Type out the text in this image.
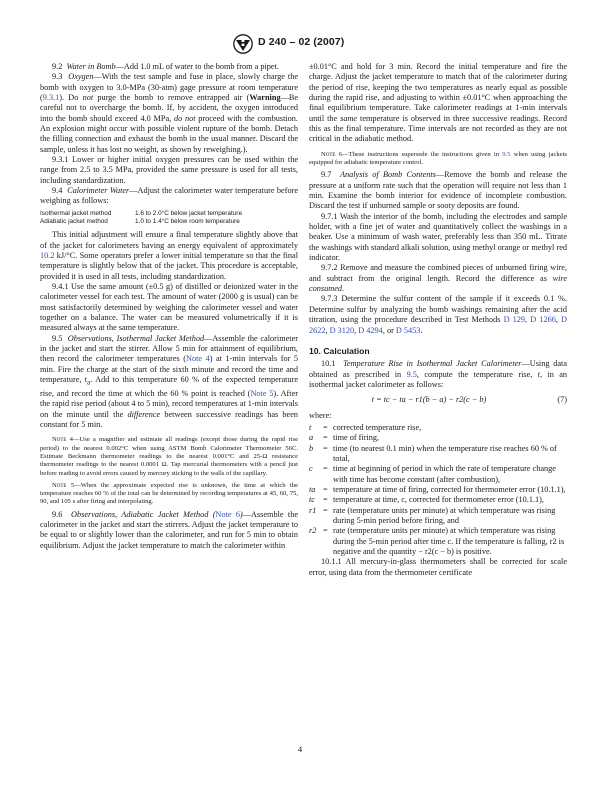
D 240 – 02 (2007)

9.2 Water in Bomb—Add 1.0 mL of water to the bomb from a pipet.

9.3 Oxygen—With the test sample and fuse in place, slowly charge the bomb with oxygen to 3.0-MPa (30-atm) gage pressure at room temperature (9.3.1). Do not purge the bomb to remove entrapped air (Warning—Be careful not to overcharge the bomb. If, by accident, the oxygen introduced into the bomb should exceed 4.0 MPa, do not proceed with the combustion. An explosion might occur with possible violent rupture of the bomb. Detach the filling connection and exhaust the bomb in the usual manner. Discard the sample, unless it has lost no weight, as shown by reweighing.).

9.3.1 Lower or higher initial oxygen pressures can be used within the range from 2.5 to 3.5 MPa, provided the same pressure is used for all tests, including standardization.

9.4 Calorimeter Water—Adjust the calorimeter water temperature before weighing as follows:

Isothermal jacket method	1.6 to 2.0°C below jacket temperature
Adiabatic jacket method	1.0 to 1.4°C below room temperature

This initial adjustment will ensure a final temperature slightly above that of the jacket for calorimeters having an energy equivalent of approximately 10.2 kJ/°C. Some operators prefer a lower initial temperature so that the final temperature is slightly below that of the jacket. This procedure is acceptable, provided it is used in all tests, including standardization.

9.4.1 Use the same amount (±0.5 g) of distilled or deionized water in the calorimeter vessel for each test. The amount of water (2000 g is usual) can be most satisfactorily determined by weighing the calorimeter vessel and water together on a balance. The water can be measured volumetrically if it is measured always at the same temperature.

9.5 Observations, Isothermal Jacket Method—Assemble the calorimeter in the jacket and start the stirrer. Allow 5 min for attainment of equilibrium, then record the calorimeter temperatures (Note 4) at 1-min intervals for 5 min. Fire the charge at the start of the sixth minute and record the time and temperature, $t_a$. Add to this temperature 60 % of the expected temperature rise, and record the time at which the 60 % point is reached (Note 5). After the rapid rise period (about 4 to 5 min), record temperatures at 1-min intervals on the minute until the difference between successive readings has been constant for 5 min.

Note 4—Use a magnifier and estimate all readings (except those during the rapid rise period) to the nearest 0.002°C when using ASTM Bomb Calorimeter Thermometer 56C. Estimate Beckmann thermometer readings to the nearest 0.001°C and 25-Ω resistance thermometer readings to the nearest 0.0001 Ω. Tap mercurial thermometers with a pencil just before reading to avoid errors caused by mercury sticking to the walls of the capillary.

Note 5—When the approximate expected rise is unknown, the time at which the temperature reaches 60 % of the total can be determined by recording temperatures at 45, 60, 75, 90, and 105 s after firing and interpolating.

9.6 Observations, Adiabatic Jacket Method (Note 6)—Assemble the calorimeter in the jacket and start the stirrers. Adjust the jacket temperature to be equal to or slightly lower than the calorimeter, and run for 5 min to obtain equilibrium. Adjust the jacket temperature to match the calorimeter within

±0.01°C and hold for 3 min. Record the initial temperature and fire the charge. Adjust the jacket temperature to match that of the calorimeter during the period of rise, keeping the two temperatures as nearly equal as possible during the rapid rise, and adjusting to within ±0.01°C when approaching the final equilibrium temperature. Take calorimeter readings at 1-min intervals until the same temperature is observed in three successive readings. Record this as the final temperature. Time intervals are not recorded as they are not critical in the adiabatic method.

Note 6—These instructions supersede the instructions given in 9.5 when using jackets equipped for adiabatic temperature control.

9.7 Analysis of Bomb Contents—Remove the bomb and release the pressure at a uniform rate such that the operation will require not less than 1 min. Examine the bomb interior for evidence of incomplete combustion. Discard the test if unburned sample or sooty deposits are found.

9.7.1 Wash the interior of the bomb, including the electrodes and sample holder, with a fine jet of water and quantitatively collect the washings in a beaker. Use a minimum of wash water, preferably less than 350 mL. Titrate the washings with standard alkali solution, using methyl orange or methyl red indicator.

9.7.2 Remove and measure the combined pieces of unburned firing wire, and subtract from the original length. Record the difference as wire consumed.

9.7.3 Determine the sulfur content of the sample if it exceeds 0.1 %. Determine sulfur by analyzing the bomb washings remaining after the acid titration, using the procedure described in Test Methods D 129, D 1266, D 2622, D 3120, D 4294, or D 5453.

10. Calculation

10.1 Temperature Rise in Isothermal Jacket Calorimeter—Using data obtained as prescribed in 9.5, compute the temperature rise, t, in an isothermal jacket calorimeter as follows:

t = tc − ta − r1(b − a) − r2(c − b)	(7)

where:

t	= corrected temperature rise,
a	= time of firing,
b	= time (to nearest 0.1 min) when the temperature rise reaches 60 % of total,
c	= time at beginning of period in which the rate of temperature change with time has become constant (after combustion),
ta = temperature at time of firing, corrected for thermometer error (10.1.1),
tc = temperature at time, c, corrected for thermometer error (10.1.1),
r1 = rate (temperature units per minute) at which temperature was rising during 5-min period before firing, and
r2 = rate (temperature units per minute) at which temperature was rising during the 5-min period after time c. If the temperature is falling, r2 is negative and the quantity − r2(c − b) is positive.

10.1.1 All mercury-in-glass thermometers shall be corrected for scale error, using data from the thermometer certificate

4
